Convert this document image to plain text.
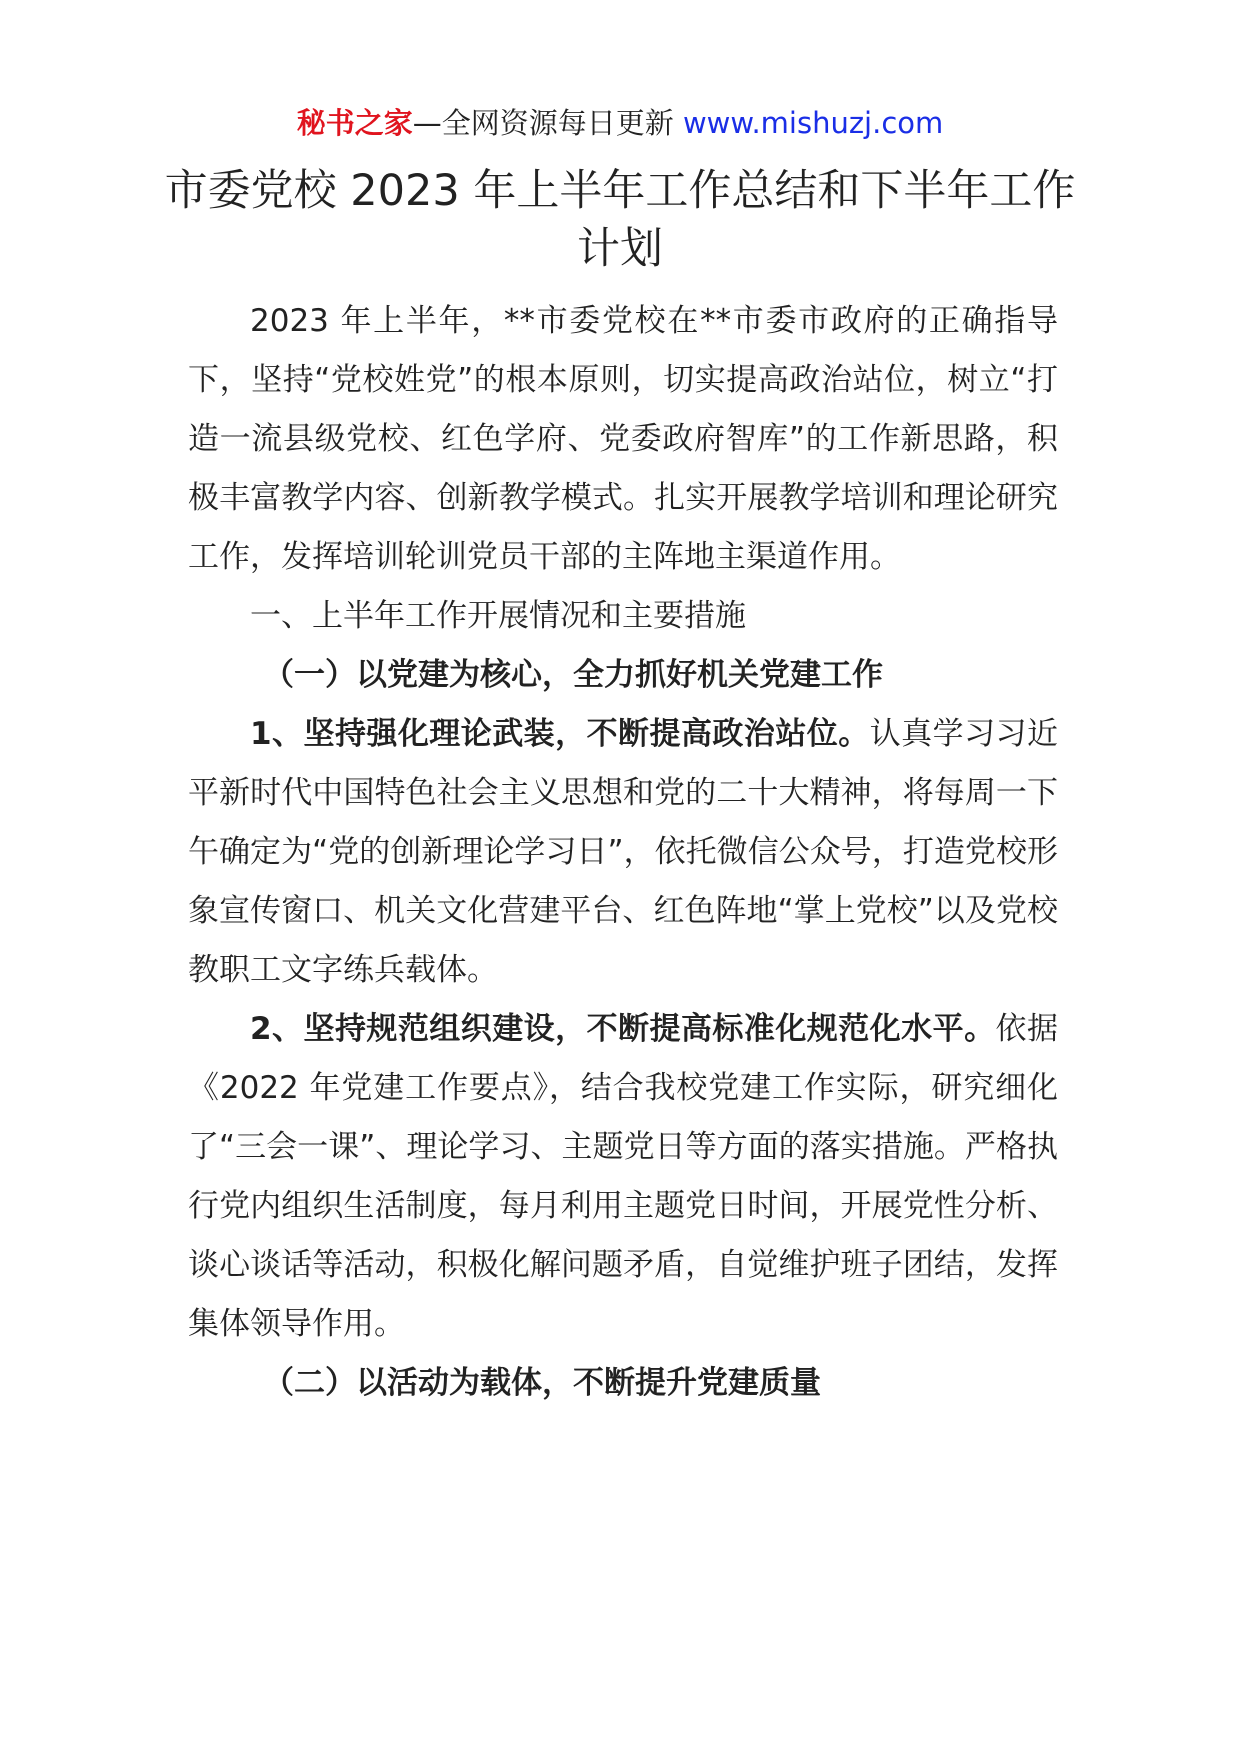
秘书之家—全网资源每日更新 www.mishuzj.com
市委党校 2023 年上半年工作总结和下半年工作计划

2023 年上半年，**市委党校在**市委市政府的正确指导下，坚持“党校姓党”的根本原则，切实提高政治站位，树立“打造一流县级党校、红色学府、党委政府智库”的工作新思路，积极丰富教学内容、创新教学模式。扎实开展教学培训和理论研究工作，发挥培训轮训党员干部的主阵地主渠道作用。

一、上半年工作开展情况和主要措施

（一）以党建为核心，全力抓好机关党建工作

1、坚持强化理论武装，不断提高政治站位。认真学习习近平新时代中国特色社会主义思想和党的二十大精神，将每周一下午确定为“党的创新理论学习日”，依托微信公众号，打造党校形象宣传窗口、机关文化营建平台、红色阵地“掌上党校”以及党校教职工文字练兵载体。

2、坚持规范组织建设，不断提高标准化规范化水平。依据《2022 年党建工作要点》，结合我校党建工作实际，研究细化了“三会一课”、理论学习、主题党日等方面的落实措施。严格执行党内组织生活制度，每月利用主题党日时间，开展党性分析、谈心谈话等活动，积极化解问题矛盾，自觉维护班子团结，发挥集体领导作用。

（二）以活动为载体，不断提升党建质量
